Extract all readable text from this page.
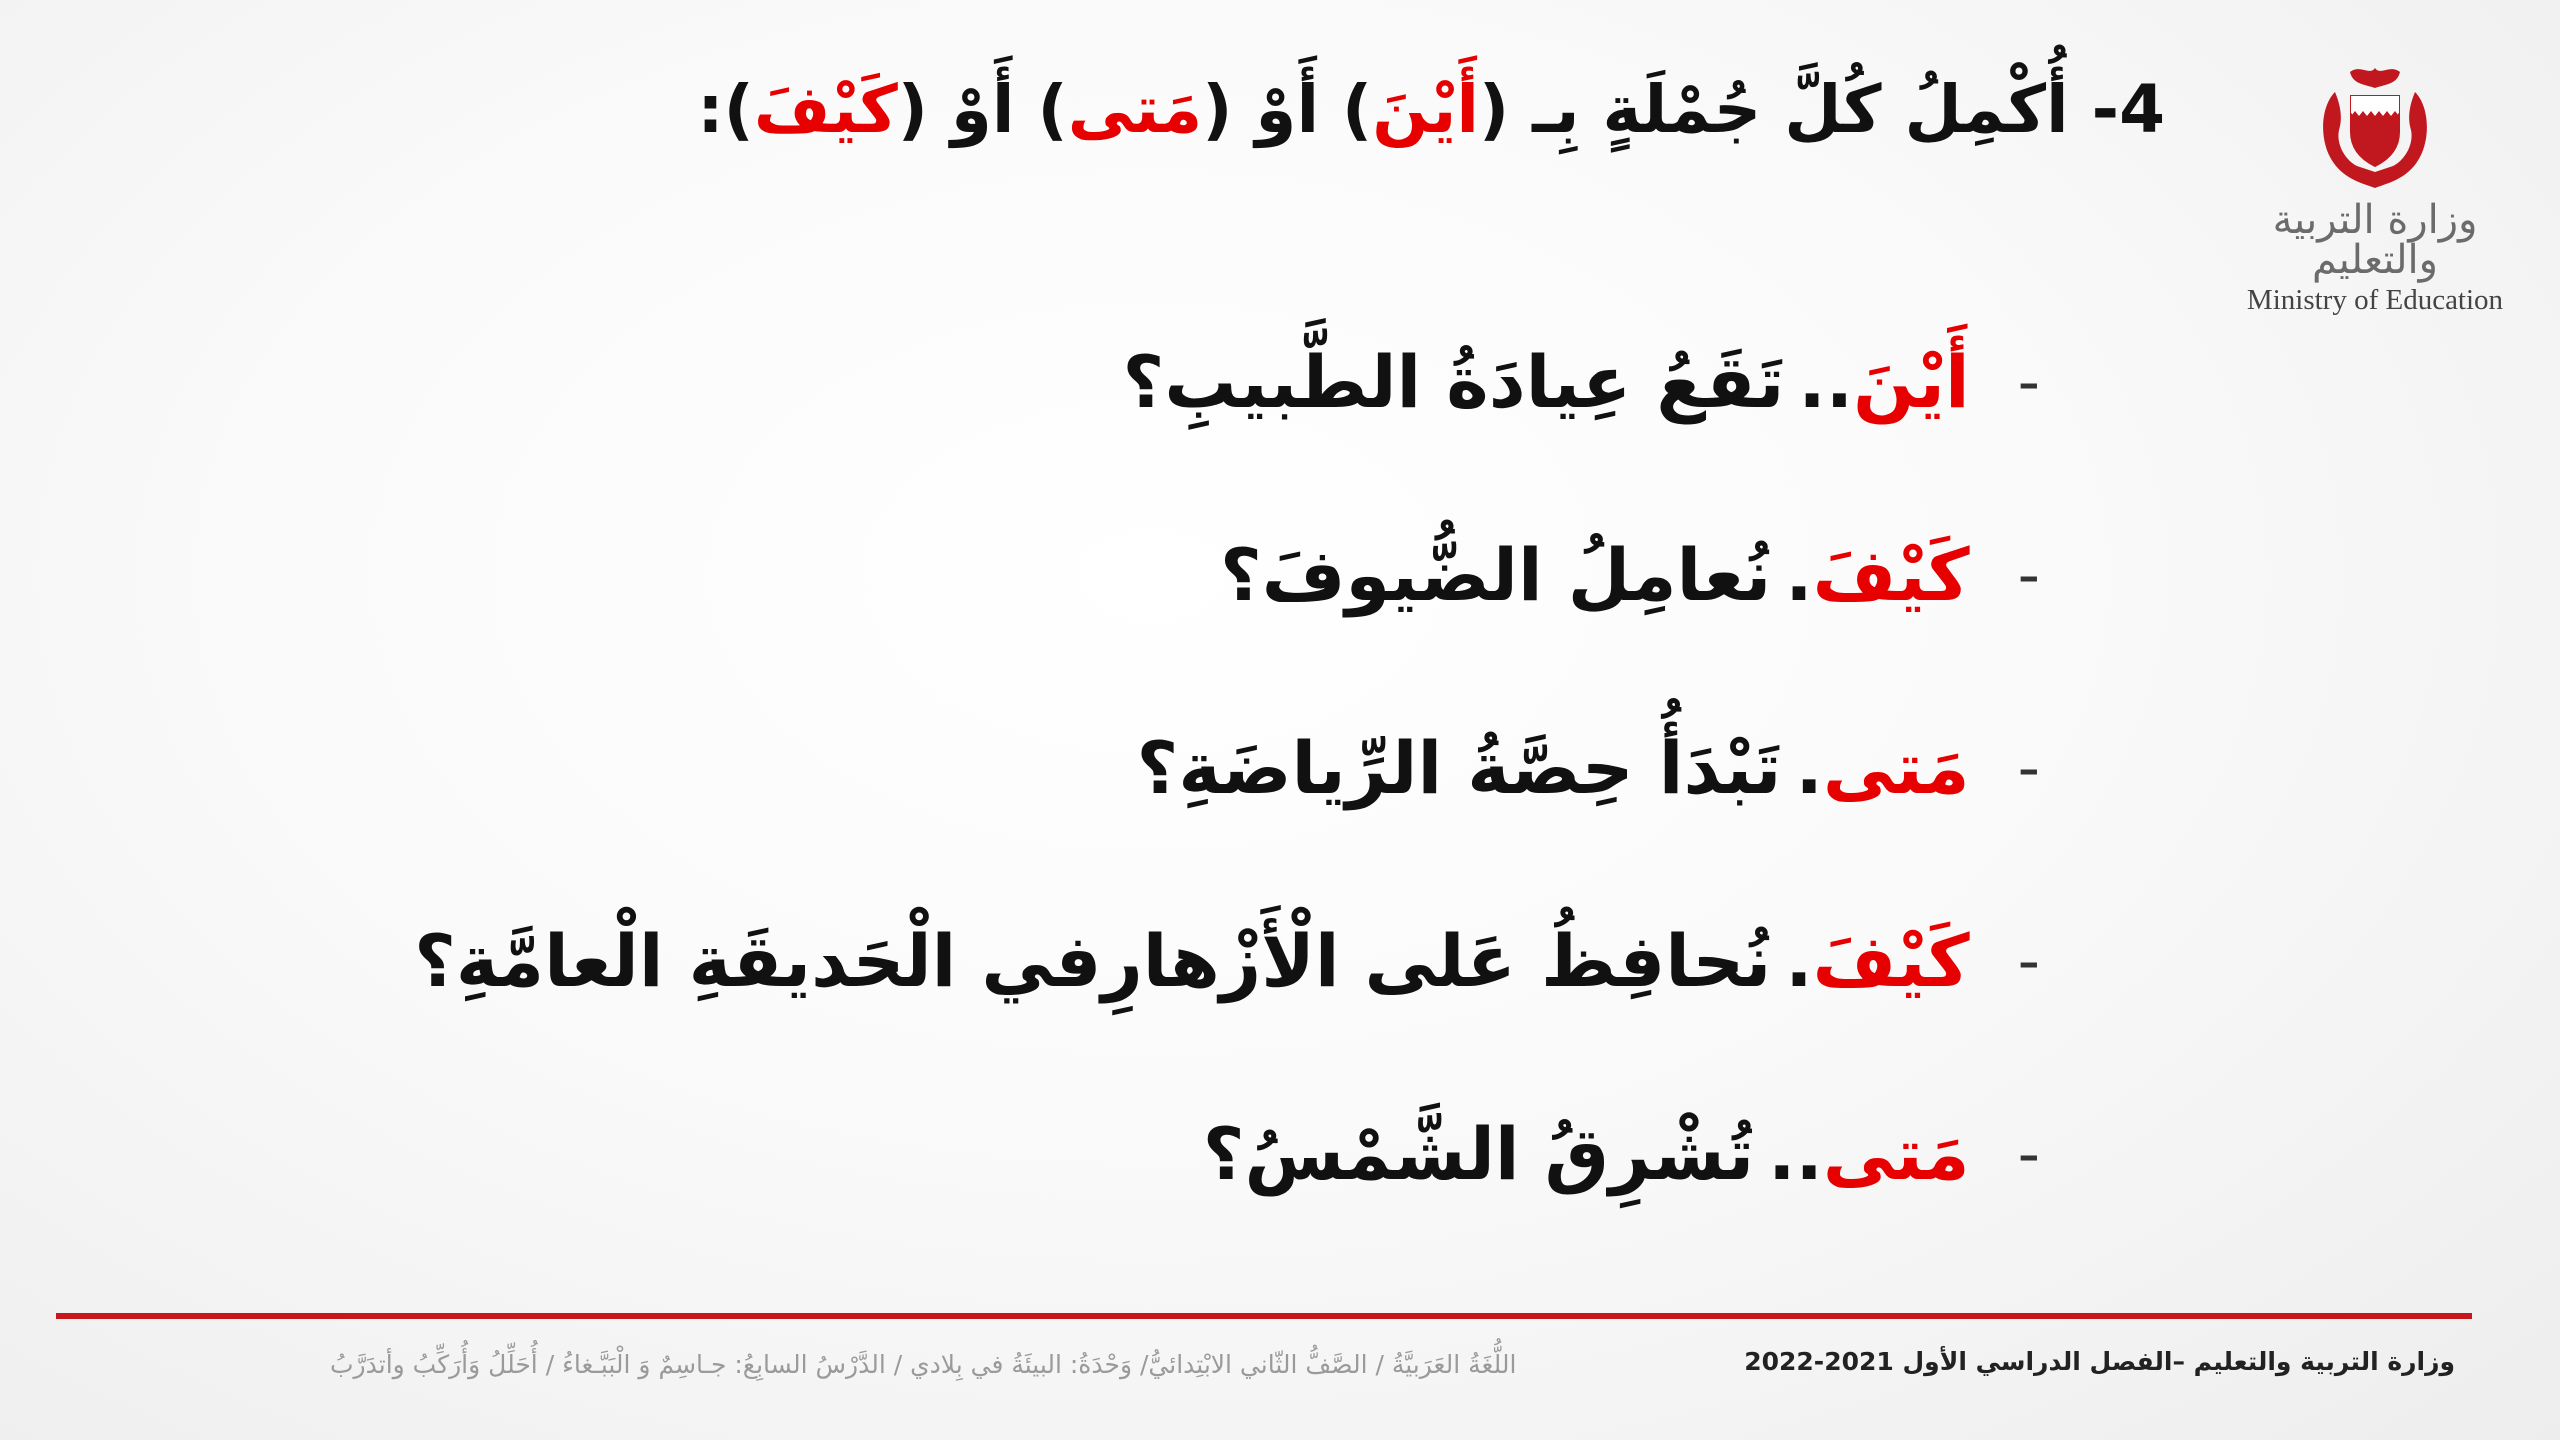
وزارة التربية والتعليم
Ministry of Education
4- أُكْمِلُ كُلَّ جُمْلَةٍ بِـ (أَيْنَ) أَوْ (مَتى) أَوْ (كَيْفَ):
-
أَيْنَ
..
تَقَعُ عِيادَةُ الطَّبيبِ؟
-
كَيْفَ
.
نُعامِلُ الضُّيوفَ؟
-
مَتى
.
تَبْدَأُ حِصَّةُ الرِّياضَةِ؟
-
كَيْفَ
.
نُحافِظُ عَلى الْأَزْهارِفي الْحَديقَةِ الْعامَّةِ؟
-
مَتى
..
تُشْرِقُ الشَّمْسُ؟
وزارة التربية والتعليم –الفصل الدراسي الأول 2021-2022
اللُّغَةُ العَرَبيَّةُ / الصَّفُّ الثّاني الابْتِدائيُّ/ وَحْدَةُ: البيئَةُ في بِلادي / الدَّرْسُ السابِعُ: جـاسِمٌ وَ الْبَبَّـغاءُ / أُحَلِّلُ وَأُرَكِّبُ وأتدَرَّبُ
